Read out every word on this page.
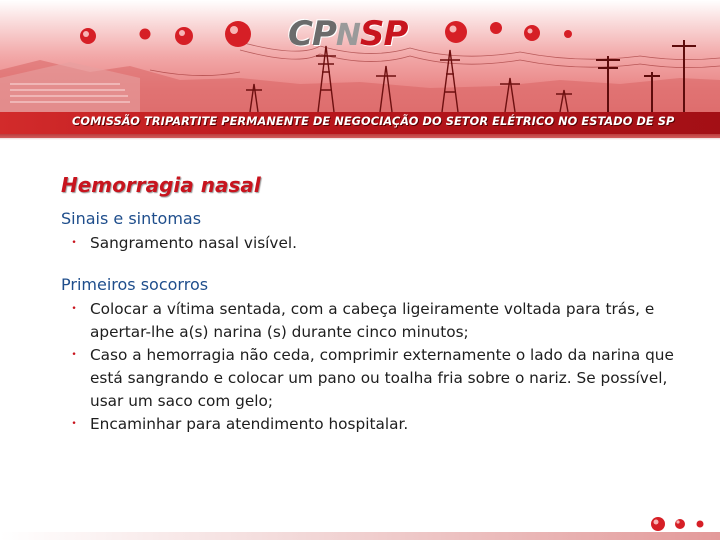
CPNSP
COMISSÃO TRIPARTITE PERMANENTE DE NEGOCIAÇÃO DO SETOR ELÉTRICO NO ESTADO DE SP
Hemorragia nasal

Sinais e sintomas

• Sangramento nasal visível.

Primeiros socorros

• Colocar a vítima sentada, com a cabeça ligeiramente voltada para trás, e apertar-lhe a(s) narina (s) durante cinco minutos;
• Caso a hemorragia não ceda, comprimir externamente o lado da narina que está sangrando e colocar um pano ou toalha fria sobre o nariz. Se possível, usar um saco com gelo;
• Encaminhar para atendimento hospitalar.
